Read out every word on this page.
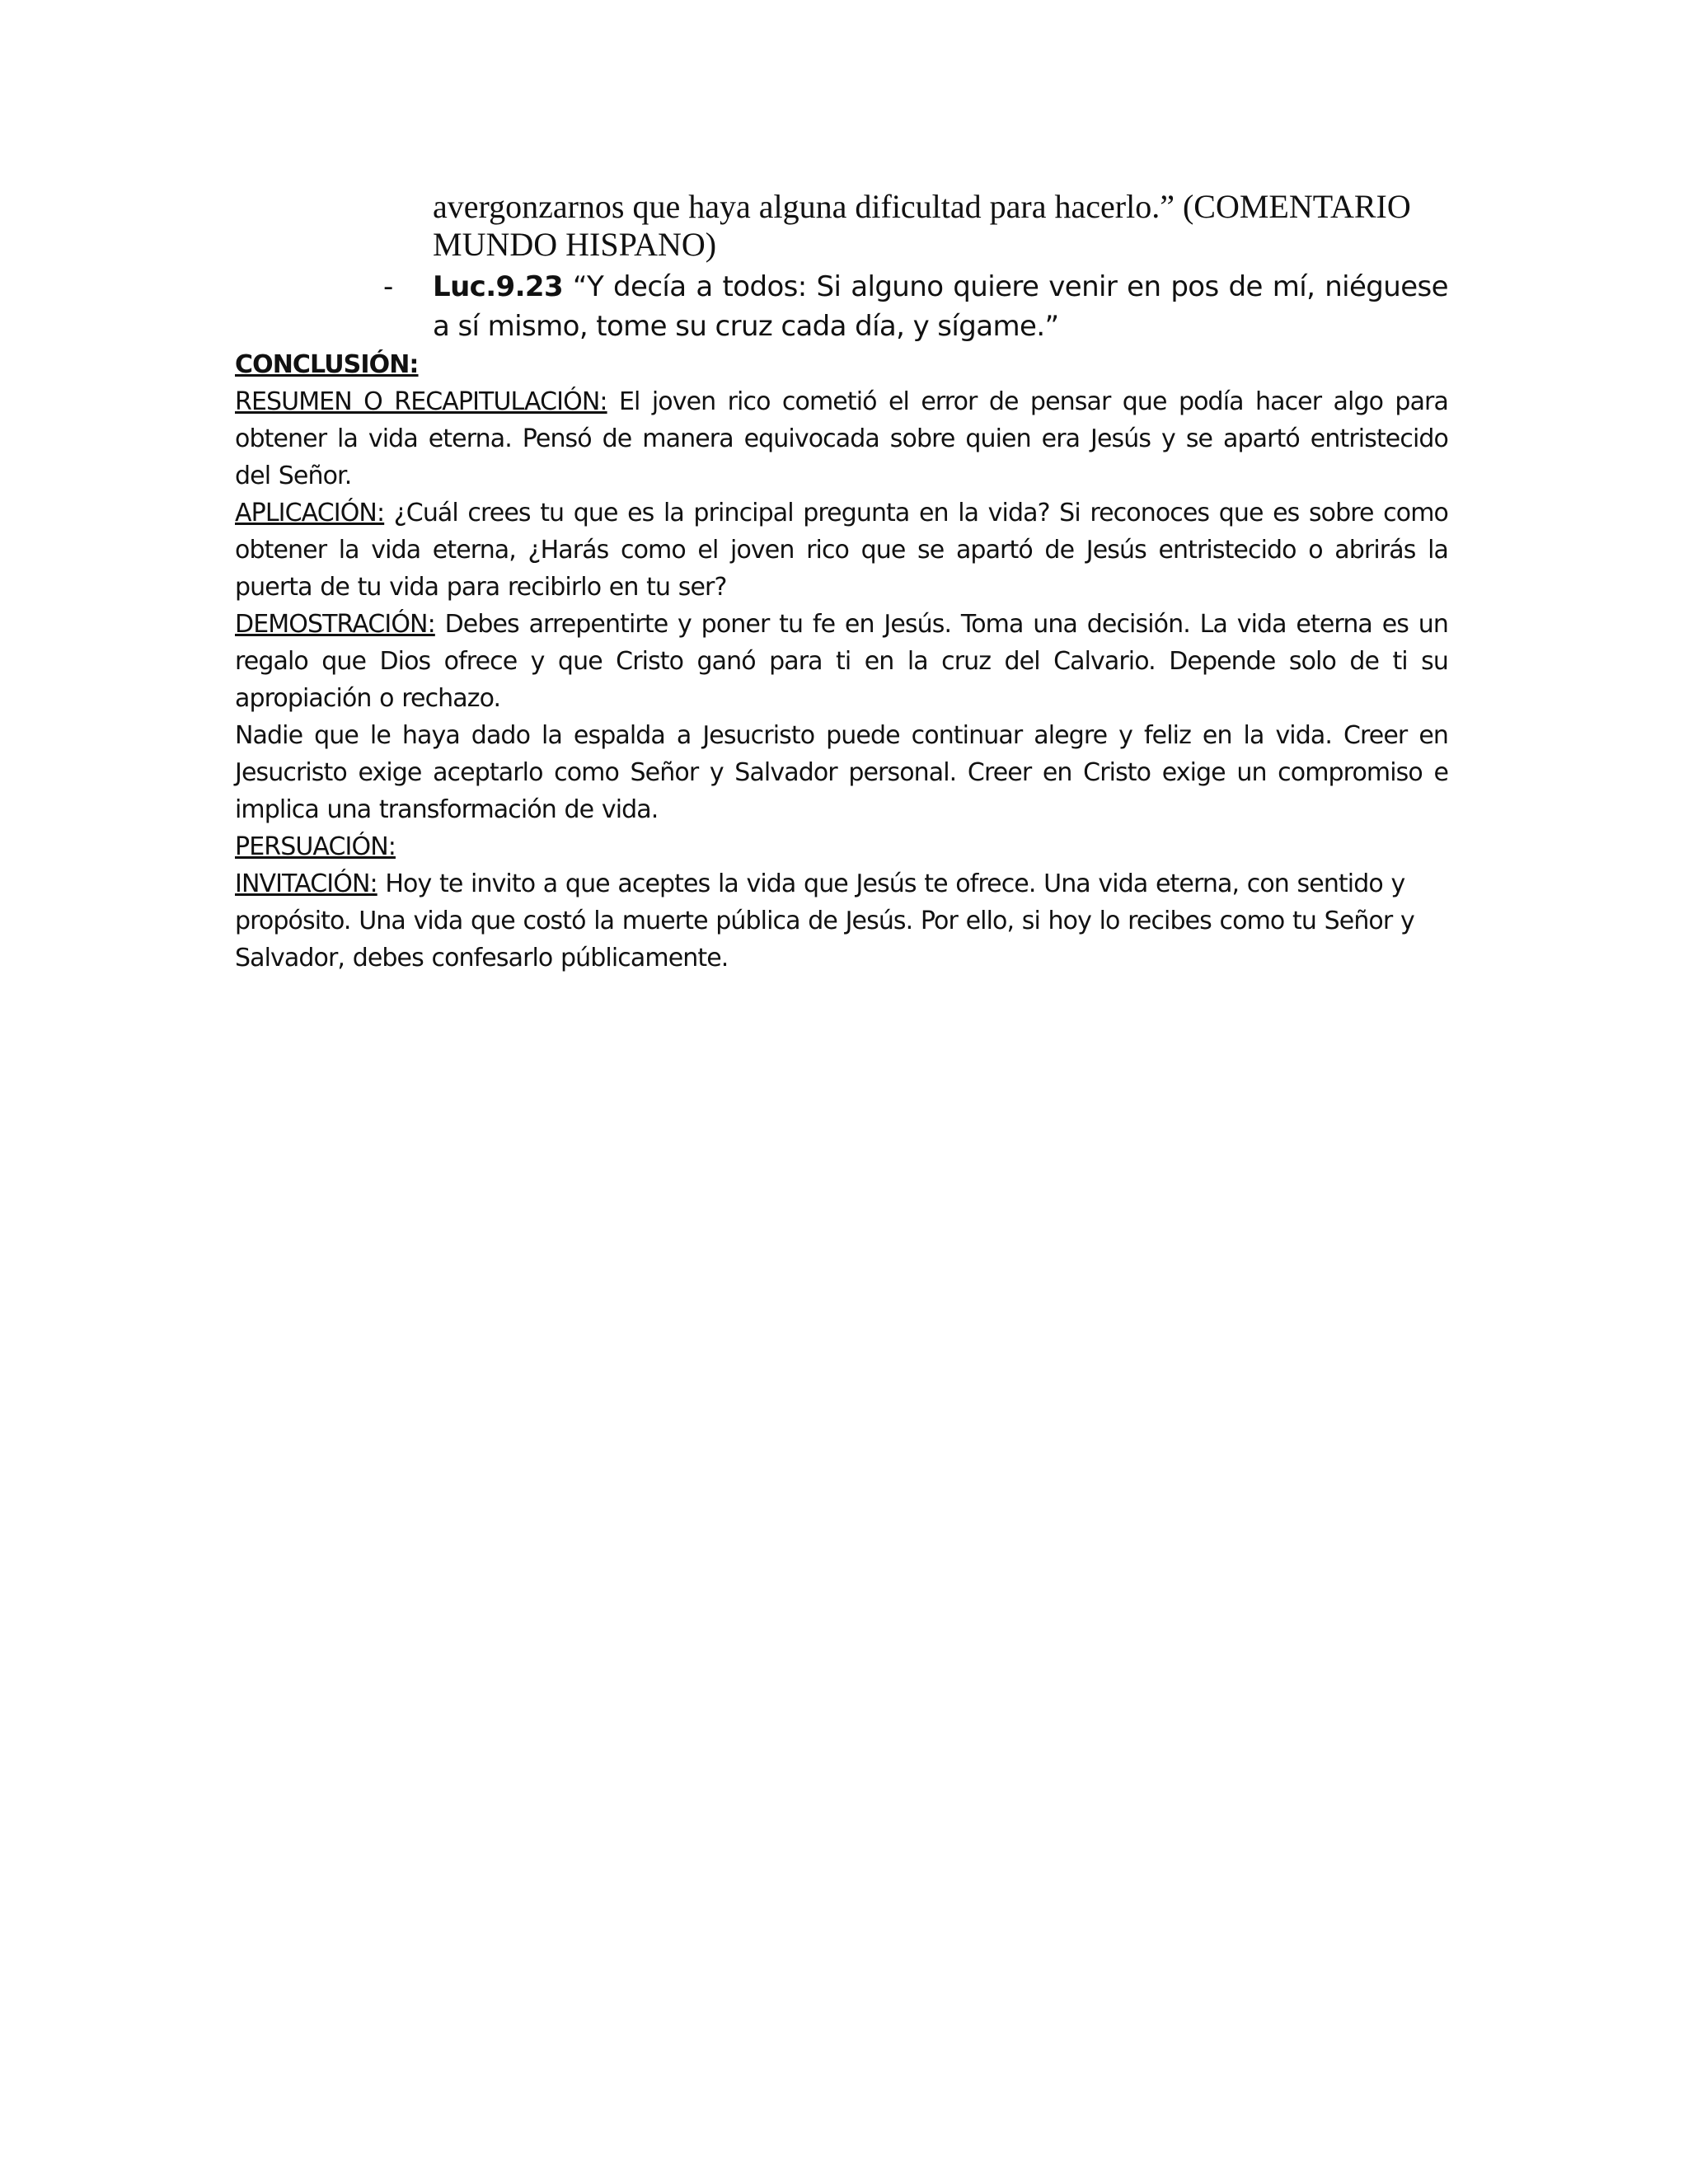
avergonzarnos que haya alguna dificultad para hacerlo.” (COMENTARIO
MUNDO HISPANO)
-	Luc.9.23 “Y decía a todos: Si alguno quiere venir en pos de mí, niéguese a sí mismo, tome su cruz cada día, y sígame.”
CONCLUSIÓN:
RESUMEN O RECAPITULACIÓN: El joven rico cometió el error de pensar que podía hacer algo para obtener la vida eterna. Pensó de manera equivocada sobre quien era Jesús y se apartó entristecido del Señor.
APLICACIÓN: ¿Cuál crees tu que es la principal pregunta en la vida? Si reconoces que es sobre como obtener la vida eterna, ¿Harás como el joven rico que se apartó de Jesús entristecido o abrirás la puerta de tu vida para recibirlo en tu ser?
DEMOSTRACIÓN: Debes arrepentirte y poner tu fe en Jesús. Toma una decisión. La vida eterna es un regalo que Dios ofrece y que Cristo ganó para ti en la cruz del Calvario. Depende solo de ti su apropiación o rechazo.
Nadie que le haya dado la espalda a Jesucristo puede continuar alegre y feliz en la vida. Creer en Jesucristo exige aceptarlo como Señor y Salvador personal. Creer en Cristo exige un compromiso e implica una transformación de vida.
PERSUACIÓN:
INVITACIÓN: Hoy te invito a que aceptes la vida que Jesús te ofrece. Una vida eterna, con sentido y propósito. Una vida que costó la muerte pública de Jesús. Por ello, si hoy lo recibes como tu Señor y Salvador, debes confesarlo públicamente.
